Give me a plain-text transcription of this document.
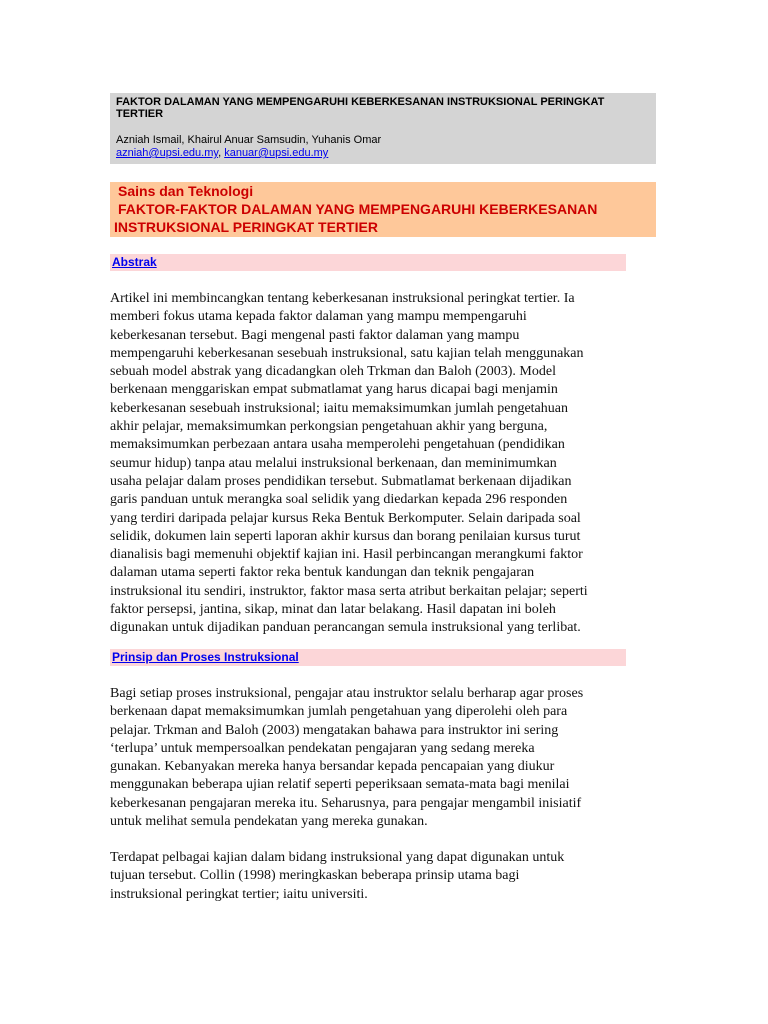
FAKTOR DALAMAN YANG MEMPENGARUHI KEBERKESANAN INSTRUKSIONAL PERINGKAT
TERTIER
Azniah Ismail, Khairul Anuar Samsudin, Yuhanis Omar
azniah@upsi.edu.my, kanuar@upsi.edu.my
Sains dan Teknologi
FAKTOR-FAKTOR DALAMAN YANG MEMPENGARUHI KEBERKESANAN
INSTRUKSIONAL PERINGKAT TERTIER
Abstrak
Artikel ini membincangkan tentang keberkesanan instruksional peringkat tertier. Ia
memberi fokus utama kepada faktor dalaman yang mampu mempengaruhi
keberkesanan tersebut. Bagi mengenal pasti faktor dalaman yang mampu
mempengaruhi keberkesanan sesebuah instruksional, satu kajian telah menggunakan
sebuah model abstrak yang dicadangkan oleh Trkman dan Baloh (2003). Model
berkenaan menggariskan empat submatlamat yang harus dicapai bagi menjamin
keberkesanan sesebuah instruksional; iaitu memaksimumkan jumlah pengetahuan
akhir pelajar, memaksimumkan perkongsian pengetahuan akhir yang berguna,
memaksimumkan perbezaan antara usaha memperolehi pengetahuan (pendidikan
seumur hidup) tanpa atau melalui instruksional berkenaan, dan meminimumkan
usaha pelajar dalam proses pendidikan tersebut. Submatlamat berkenaan dijadikan
garis panduan untuk merangka soal selidik yang diedarkan kepada 296 responden
yang terdiri daripada pelajar kursus Reka Bentuk Berkomputer. Selain daripada soal
selidik, dokumen lain seperti laporan akhir kursus dan borang penilaian kursus turut
dianalisis bagi memenuhi objektif kajian ini. Hasil perbincangan merangkumi faktor
dalaman utama seperti faktor reka bentuk kandungan dan teknik pengajaran
instruksional itu sendiri, instruktor, faktor masa serta atribut berkaitan pelajar; seperti
faktor persepsi, jantina, sikap, minat dan latar belakang. Hasil dapatan ini boleh
digunakan untuk dijadikan panduan perancangan semula instruksional yang terlibat.
Prinsip dan Proses Instruksional
Bagi setiap proses instruksional, pengajar atau instruktor selalu berharap agar proses
berkenaan dapat memaksimumkan jumlah pengetahuan yang diperolehi oleh para
pelajar. Trkman and Baloh (2003) mengatakan bahawa para instruktor ini sering
‘terlupa’ untuk mempersoalkan pendekatan pengajaran yang sedang mereka
gunakan. Kebanyakan mereka hanya bersandar kepada pencapaian yang diukur
menggunakan beberapa ujian relatif seperti peperiksaan semata-mata bagi menilai
keberkesanan pengajaran mereka itu. Seharusnya, para pengajar mengambil inisiatif
untuk melihat semula pendekatan yang mereka gunakan.
Terdapat pelbagai kajian dalam bidang instruksional yang dapat digunakan untuk
tujuan tersebut. Collin (1998) meringkaskan beberapa prinsip utama bagi
instruksional peringkat tertier; iaitu universiti.
